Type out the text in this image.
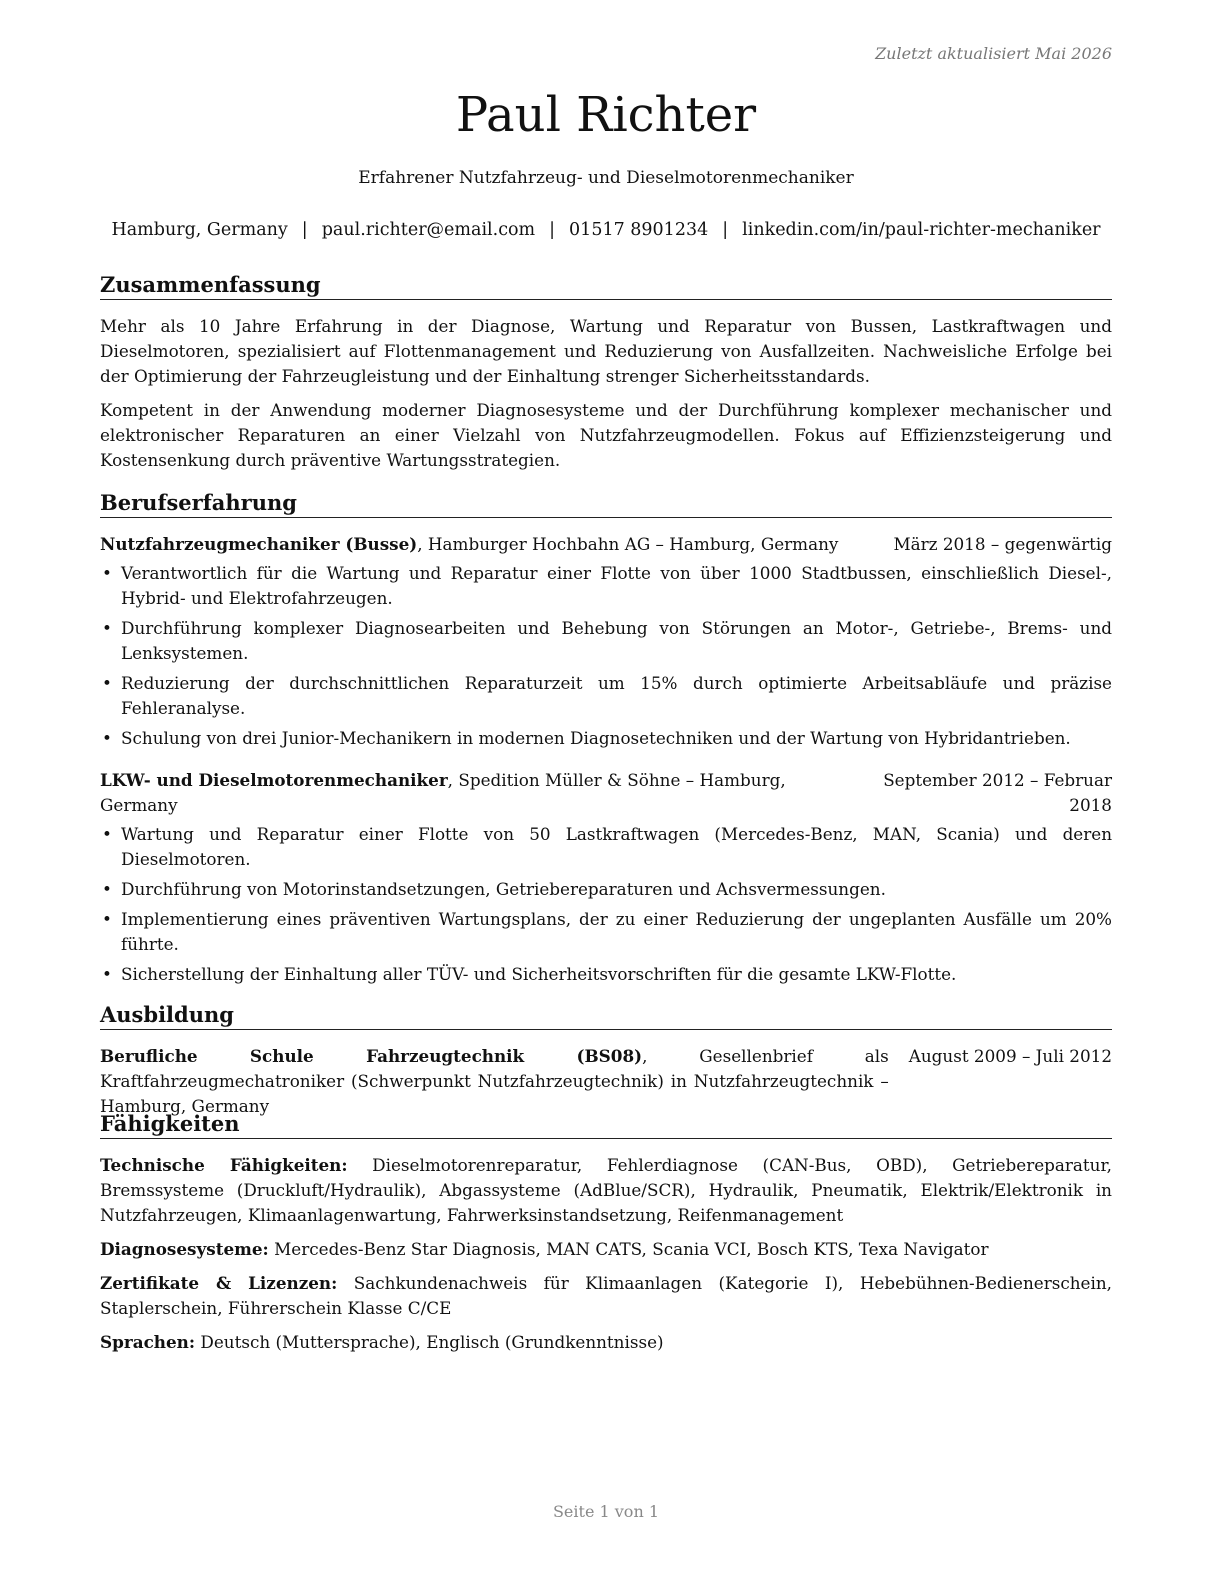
Zuletzt aktualisiert Mai 2026
Paul Richter
Erfahrener Nutzfahrzeug- und Dieselmotorenmechaniker
Hamburg, Germany | paul.richter@email.com | 01517 8901234 | linkedin.com/in/paul-richter-mechaniker
Zusammenfassung

Mehr als 10 Jahre Erfahrung in der Diagnose, Wartung und Reparatur von Bussen, Lastkraftwagen und Dieselmotoren, spezialisiert auf Flottenmanagement und Reduzierung von Ausfallzeiten. Nachweisliche Erfolge bei der Optimierung der Fahrzeugleistung und der Einhaltung strenger Sicherheitsstandards.

Kompetent in der Anwendung moderner Diagnosesysteme und der Durchführung komplexer mechanischer und elektronischer Reparaturen an einer Vielzahl von Nutzfahrzeugmodellen. Fokus auf Effizienzsteigerung und Kostensenkung durch präventive Wartungsstrategien.

Berufserfahrung
Nutzfahrzeugmechaniker (Busse), Hamburger Hochbahn AG – Hamburg, Germany	März 2018 – gegenwärtig
• Verantwortlich für die Wartung und Reparatur einer Flotte von über 1000 Stadtbussen, einschließlich Diesel-, Hybrid- und Elektrofahrzeugen.
• Durchführung komplexer Diagnosearbeiten und Behebung von Störungen an Motor-, Getriebe-, Brems- und Lenksystemen.
• Reduzierung der durchschnittlichen Reparaturzeit um 15% durch optimierte Arbeitsabläufe und präzise Fehleranalyse.
• Schulung von drei Junior-Mechanikern in modernen Diagnosetechniken und der Wartung von Hybridantrieben.
LKW- und Dieselmotorenmechaniker, Spedition Müller & Söhne – Hamburg, Germany
September 2012 – Februar 2018
• Wartung und Reparatur einer Flotte von 50 Lastkraftwagen (Mercedes-Benz, MAN, Scania) und deren Dieselmotoren.
• Durchführung von Motorinstandsetzungen, Getriebereparaturen und Achsvermessungen.
• Implementierung eines präventiven Wartungsplans, der zu einer Reduzierung der ungeplanten Ausfälle um 20% führte.
• Sicherstellung der Einhaltung aller TÜV- und Sicherheitsvorschriften für die gesamte LKW-Flotte.
Ausbildung
Berufliche Schule Fahrzeugtechnik (BS08), Gesellenbrief als Kraftfahrzeugmechatroniker (Schwerpunkt Nutzfahrzeugtechnik) in Nutzfahrzeugtechnik – Hamburg, Germany
August 2009 – Juli 2012
Fähigkeiten
Technische Fähigkeiten: Dieselmotorenreparatur, Fehlerdiagnose (CAN-Bus, OBD), Getriebereparatur, Bremssysteme (Druckluft/Hydraulik), Abgassysteme (AdBlue/SCR), Hydraulik, Pneumatik, Elektrik/Elektronik in Nutzfahrzeugen, Klimaanlagenwartung, Fahrwerksinstandsetzung, Reifenmanagement
Diagnosesysteme: Mercedes-Benz Star Diagnosis, MAN CATS, Scania VCI, Bosch KTS, Texa Navigator
Zertifikate & Lizenzen: Sachkundenachweis für Klimaanlagen (Kategorie I), Hebebühnen-Bedienerschein, Staplerschein, Führerschein Klasse C/CE
Sprachen: Deutsch (Muttersprache), Englisch (Grundkenntnisse)
Seite 1 von 1
